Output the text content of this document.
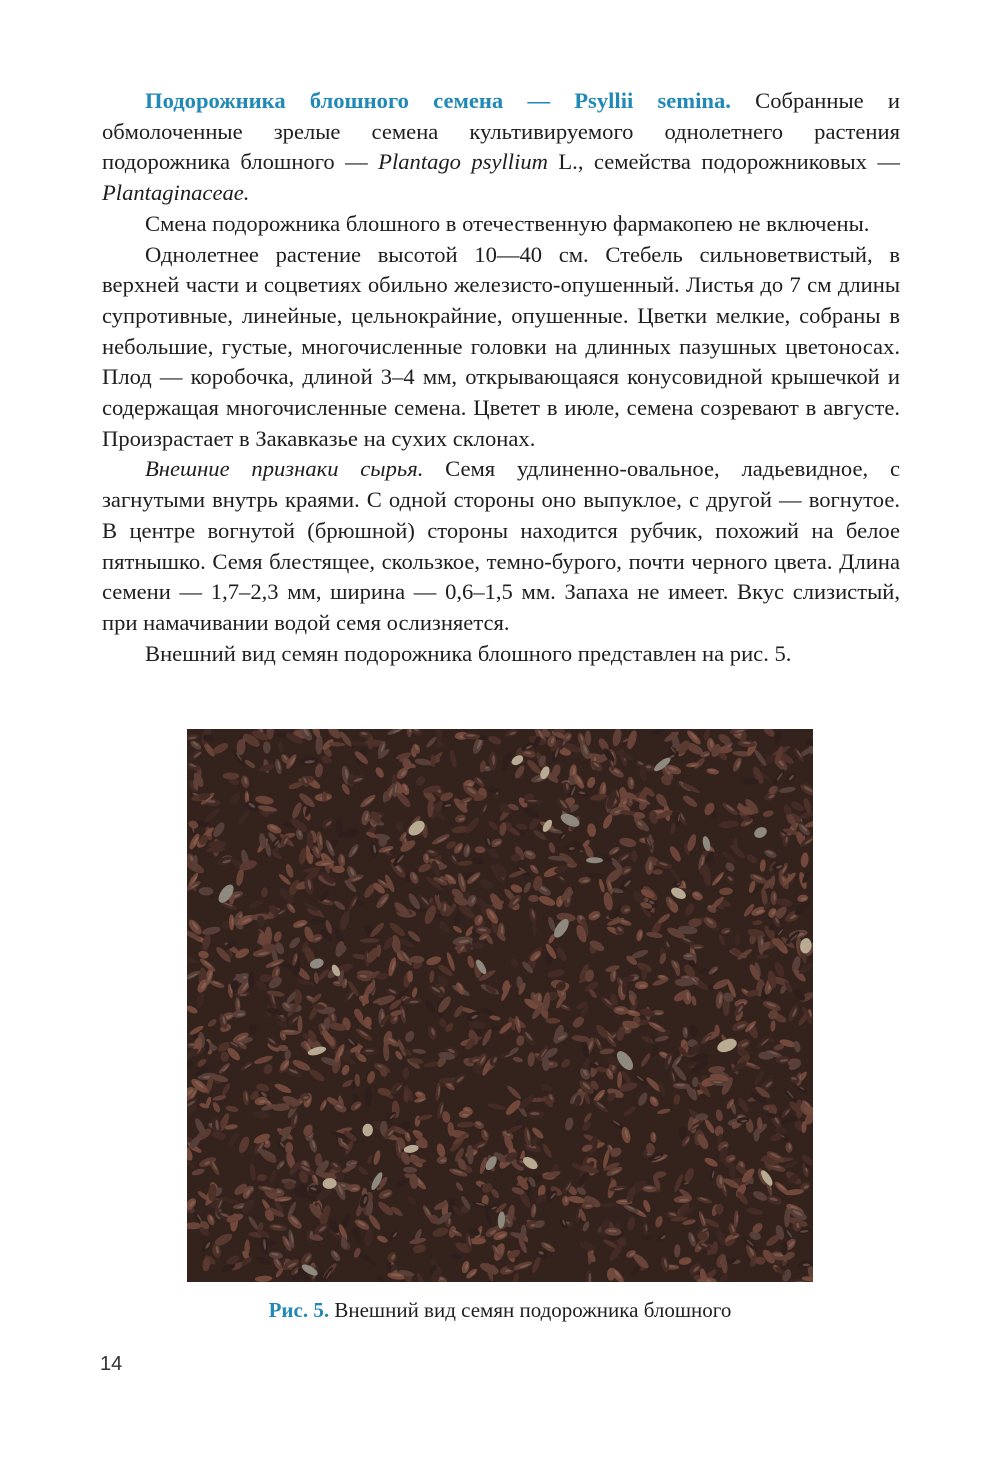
Подорожника блошного семена — Psyllii semina. Собранные и обмолоченные зрелые семена культивируемого однолетнего растения подорожника блошного — Plantago psyllium L., семейства подорожниковых — Plantaginaceae.

Смена подорожника блошного в отечественную фармакопею не включены.

Однолетнее растение высотой 10—40 см. Стебель сильноветвистый, в верхней части и соцветиях обильно железисто-опушенный. Листья до 7 см длины супротивные, линейные, цельнокрайние, опушенные. Цветки мелкие, собраны в небольшие, густые, многочисленные головки на длинных пазушных цветоносах. Плод — коробочка, длиной 3–4 мм, открывающаяся конусовидной крышечкой и содержащая многочисленные семена. Цветет в июле, семена созревают в августе. Произрастает в Закавказье на сухих склонах.

Внешние признаки сырья. Семя удлиненно-овальное, ладьевидное, с загнутыми внутрь краями. С одной стороны оно выпуклое, с другой — вогнутое. В центре вогнутой (брюшной) стороны находится рубчик, похожий на белое пятнышко. Семя блестящее, скользкое, темно-бурого, почти черного цвета. Длина семени — 1,7–2,3 мм, ширина — 0,6–1,5 мм. Запаха не имеет. Вкус слизистый, при намачивании водой семя ослизняется.

Внешний вид семян подорожника блошного представлен на рис. 5.

Рис. 5. Внешний вид семян подорожника блошного
14
